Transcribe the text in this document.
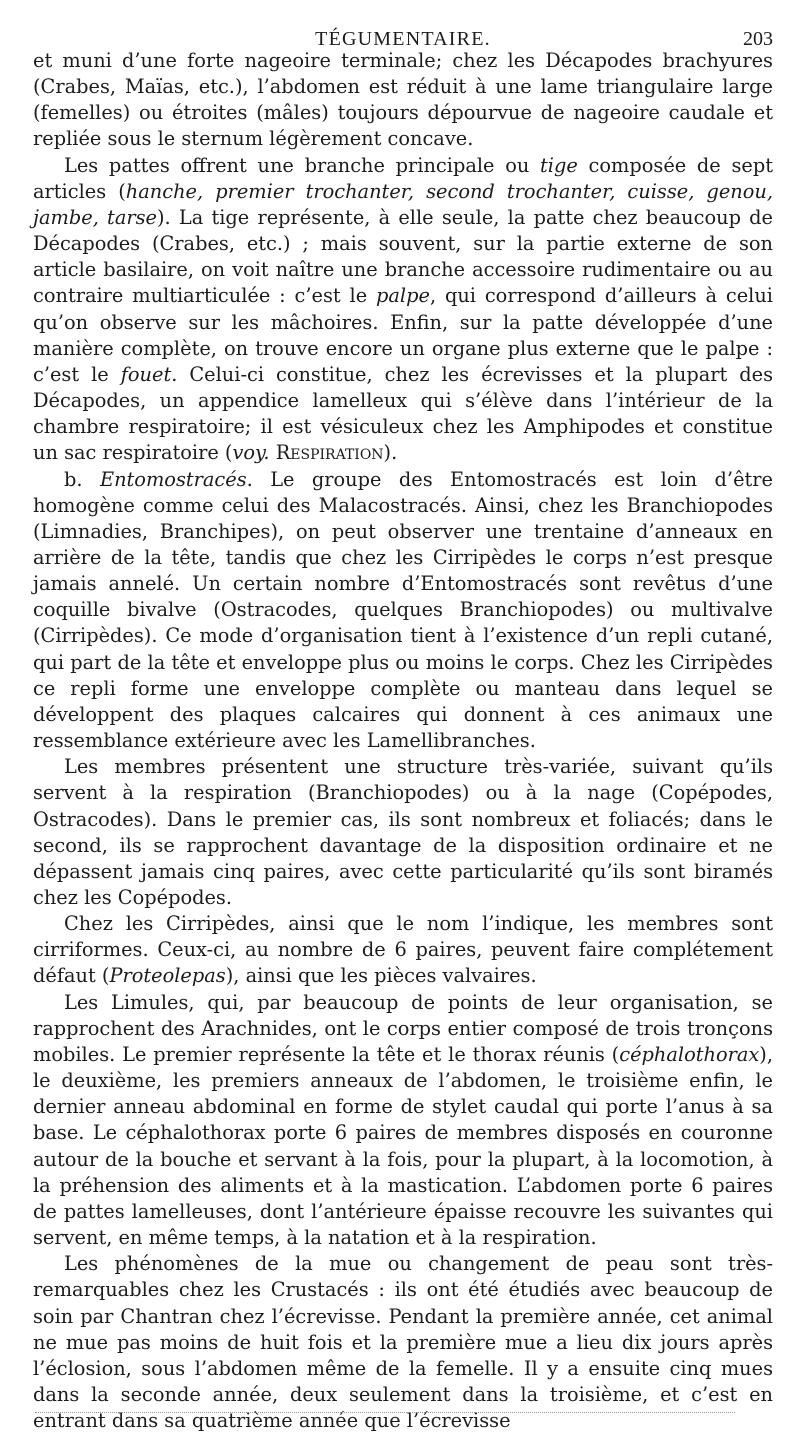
TÉGUMENTAIRE.	203

et muni d’une forte nageoire terminale; chez les Décapodes brachyures (Crabes, Maïas, etc.), l’abdomen est réduit à une lame triangulaire large (femelles) ou étroites (mâles) toujours dépourvue de nageoire caudale et repliée sous le sternum légèrement concave.

Les pattes offrent une branche principale ou tige composée de sept articles (hanche, premier trochanter, second trochanter, cuisse, genou, jambe, tarse). La tige représente, à elle seule, la patte chez beaucoup de Décapodes (Crabes, etc.) ; mais souvent, sur la partie externe de son article basilaire, on voit naître une branche accessoire rudimentaire ou au contraire multiarticulée : c’est le palpe, qui correspond d’ailleurs à celui qu’on observe sur les mâchoires. Enfin, sur la patte développée d’une manière complète, on trouve encore un organe plus externe que le palpe : c’est le fouet. Celui-ci constitue, chez les écrevisses et la plupart des Décapodes, un appendice lamelleux qui s’élève dans l’intérieur de la chambre respiratoire; il est vésiculeux chez les Amphipodes et constitue un sac respiratoire (voy. Respiration).

b. Entomostracés. Le groupe des Entomostracés est loin d’être homogène comme celui des Malacostracés. Ainsi, chez les Branchiopodes (Limnadies, Branchipes), on peut observer une trentaine d’anneaux en arrière de la tête, tandis que chez les Cirripèdes le corps n’est presque jamais annelé. Un certain nombre d’Entomostracés sont revêtus d’une coquille bivalve (Ostracodes, quelques Branchiopodes) ou multivalve (Cirripèdes). Ce mode d’organisation tient à l’existence d’un repli cutané, qui part de la tête et enveloppe plus ou moins le corps. Chez les Cirripèdes ce repli forme une enveloppe complète ou manteau dans lequel se développent des plaques calcaires qui donnent à ces animaux une ressemblance extérieure avec les Lamellibranches.

Les membres présentent une structure très-variée, suivant qu’ils servent à la respiration (Branchiopodes) ou à la nage (Copépodes, Ostracodes). Dans le premier cas, ils sont nombreux et foliacés; dans le second, ils se rapprochent davantage de la disposition ordinaire et ne dépassent jamais cinq paires, avec cette particularité qu’ils sont biramés chez les Copépodes.

Chez les Cirripèdes, ainsi que le nom l’indique, les membres sont cirriformes. Ceux-ci, au nombre de 6 paires, peuvent faire complétement défaut (Proteolepas), ainsi que les pièces valvaires.

Les Limules, qui, par beaucoup de points de leur organisation, se rapprochent des Arachnides, ont le corps entier composé de trois tronçons mobiles. Le premier représente la tête et le thorax réunis (céphalothorax), le deuxième, les premiers anneaux de l’abdomen, le troisième enfin, le dernier anneau abdominal en forme de stylet caudal qui porte l’anus à sa base. Le céphalothorax porte 6 paires de membres disposés en couronne autour de la bouche et servant à la fois, pour la plupart, à la locomotion, à la préhension des aliments et à la mastication. L’abdomen porte 6 paires de pattes lamelleuses, dont l’antérieure épaisse recouvre les suivantes qui servent, en même temps, à la natation et à la respiration.

Les phénomènes de la mue ou changement de peau sont très-remarquables chez les Crustacés : ils ont été étudiés avec beaucoup de soin par Chantran chez l’écrevisse. Pendant la première année, cet animal ne mue pas moins de huit fois et la première mue a lieu dix jours après l’éclosion, sous l’abdomen même de la femelle. Il y a ensuite cinq mues dans la seconde année, deux seulement dans la troisième, et c’est en entrant dans sa quatrième année que l’écrevisse
